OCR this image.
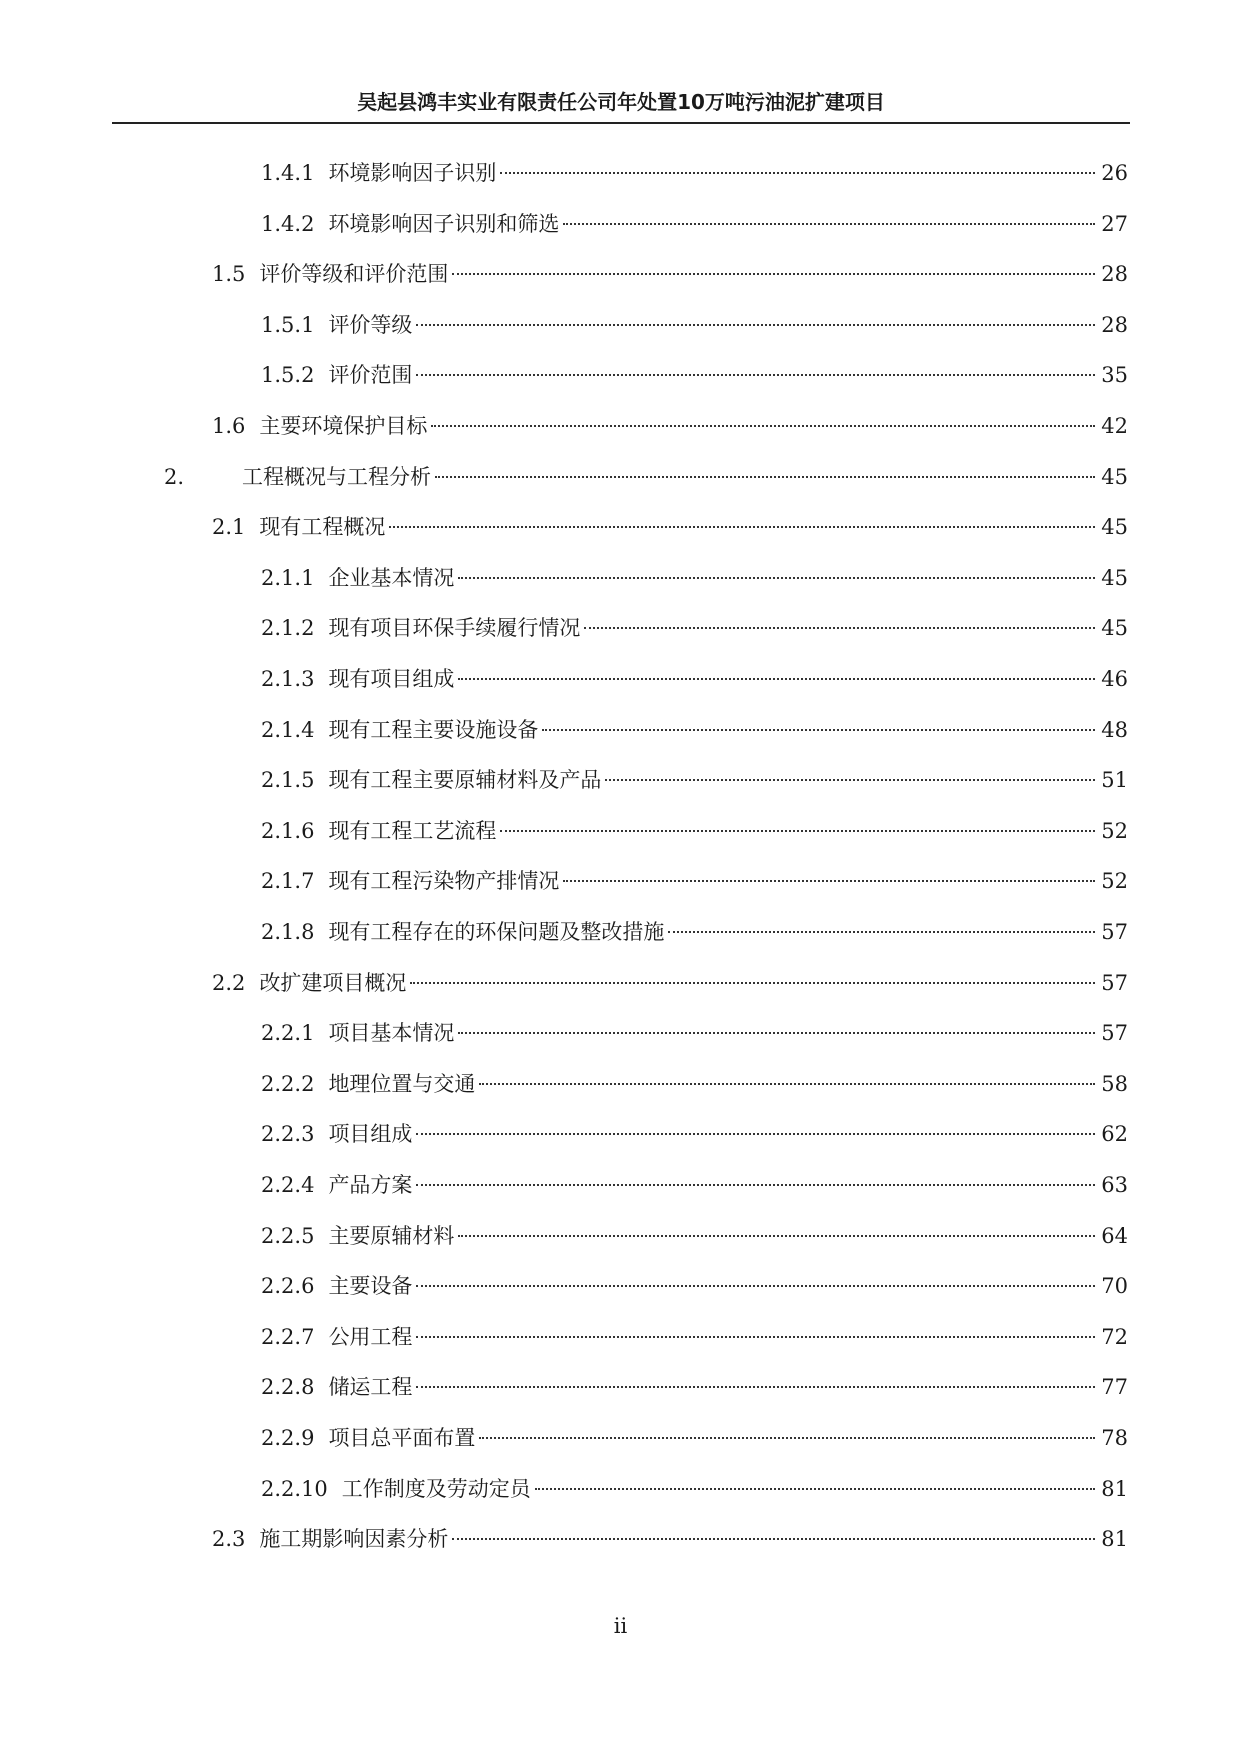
吴起县鸿丰实业有限责任公司年处置10万吨污油泥扩建项目
1.4.1 环境影响因子识别	26
1.4.2 环境影响因子识别和筛选	27
1.5 评价等级和评价范围	28
1.5.1 评价等级	28
1.5.2 评价范围	35
1.6 主要环境保护目标	42
2.	工程概况与工程分析	45
2.1 现有工程概况	45
2.1.1 企业基本情况	45
2.1.2 现有项目环保手续履行情况	45
2.1.3 现有项目组成	46
2.1.4 现有工程主要设施设备	48
2.1.5 现有工程主要原辅材料及产品	51
2.1.6 现有工程工艺流程	52
2.1.7 现有工程污染物产排情况	52
2.1.8 现有工程存在的环保问题及整改措施	57
2.2 改扩建项目概况	57
2.2.1 项目基本情况	57
2.2.2 地理位置与交通	58
2.2.3 项目组成	62
2.2.4 产品方案	63
2.2.5 主要原辅材料	64
2.2.6 主要设备	70
2.2.7 公用工程	72
2.2.8 储运工程	77
2.2.9 项目总平面布置	78
2.2.10 工作制度及劳动定员	81
2.3 施工期影响因素分析	81
ii
